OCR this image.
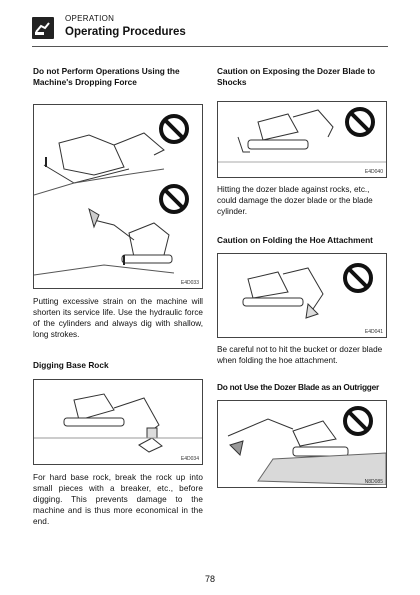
OPERATION
Operating Procedures

Do not Perform Operations Using the Machine's Dropping Force

E4D033

Putting excessive strain on the machine will shorten its service life. Use the hydraulic force of the cylinders and always dig with shallow, long strokes.

Digging Base Rock

E4D034

For hard base rock, break the rock up into small pieces with a breaker, etc., before digging. This prevents damage to the machine and is thus more economical in the end.

Caution on Exposing the Dozer Blade to Shocks

E4D040

Hitting the dozer blade against rocks, etc., could damage the dozer blade or the blade cylinder.

Caution on Folding the Hoe Attachment

E4D041

Be careful not to hit the bucket or dozer blade when folding the hoe attachment.

Do not Use the Dozer Blade as an Outrigger

N8D085
78
